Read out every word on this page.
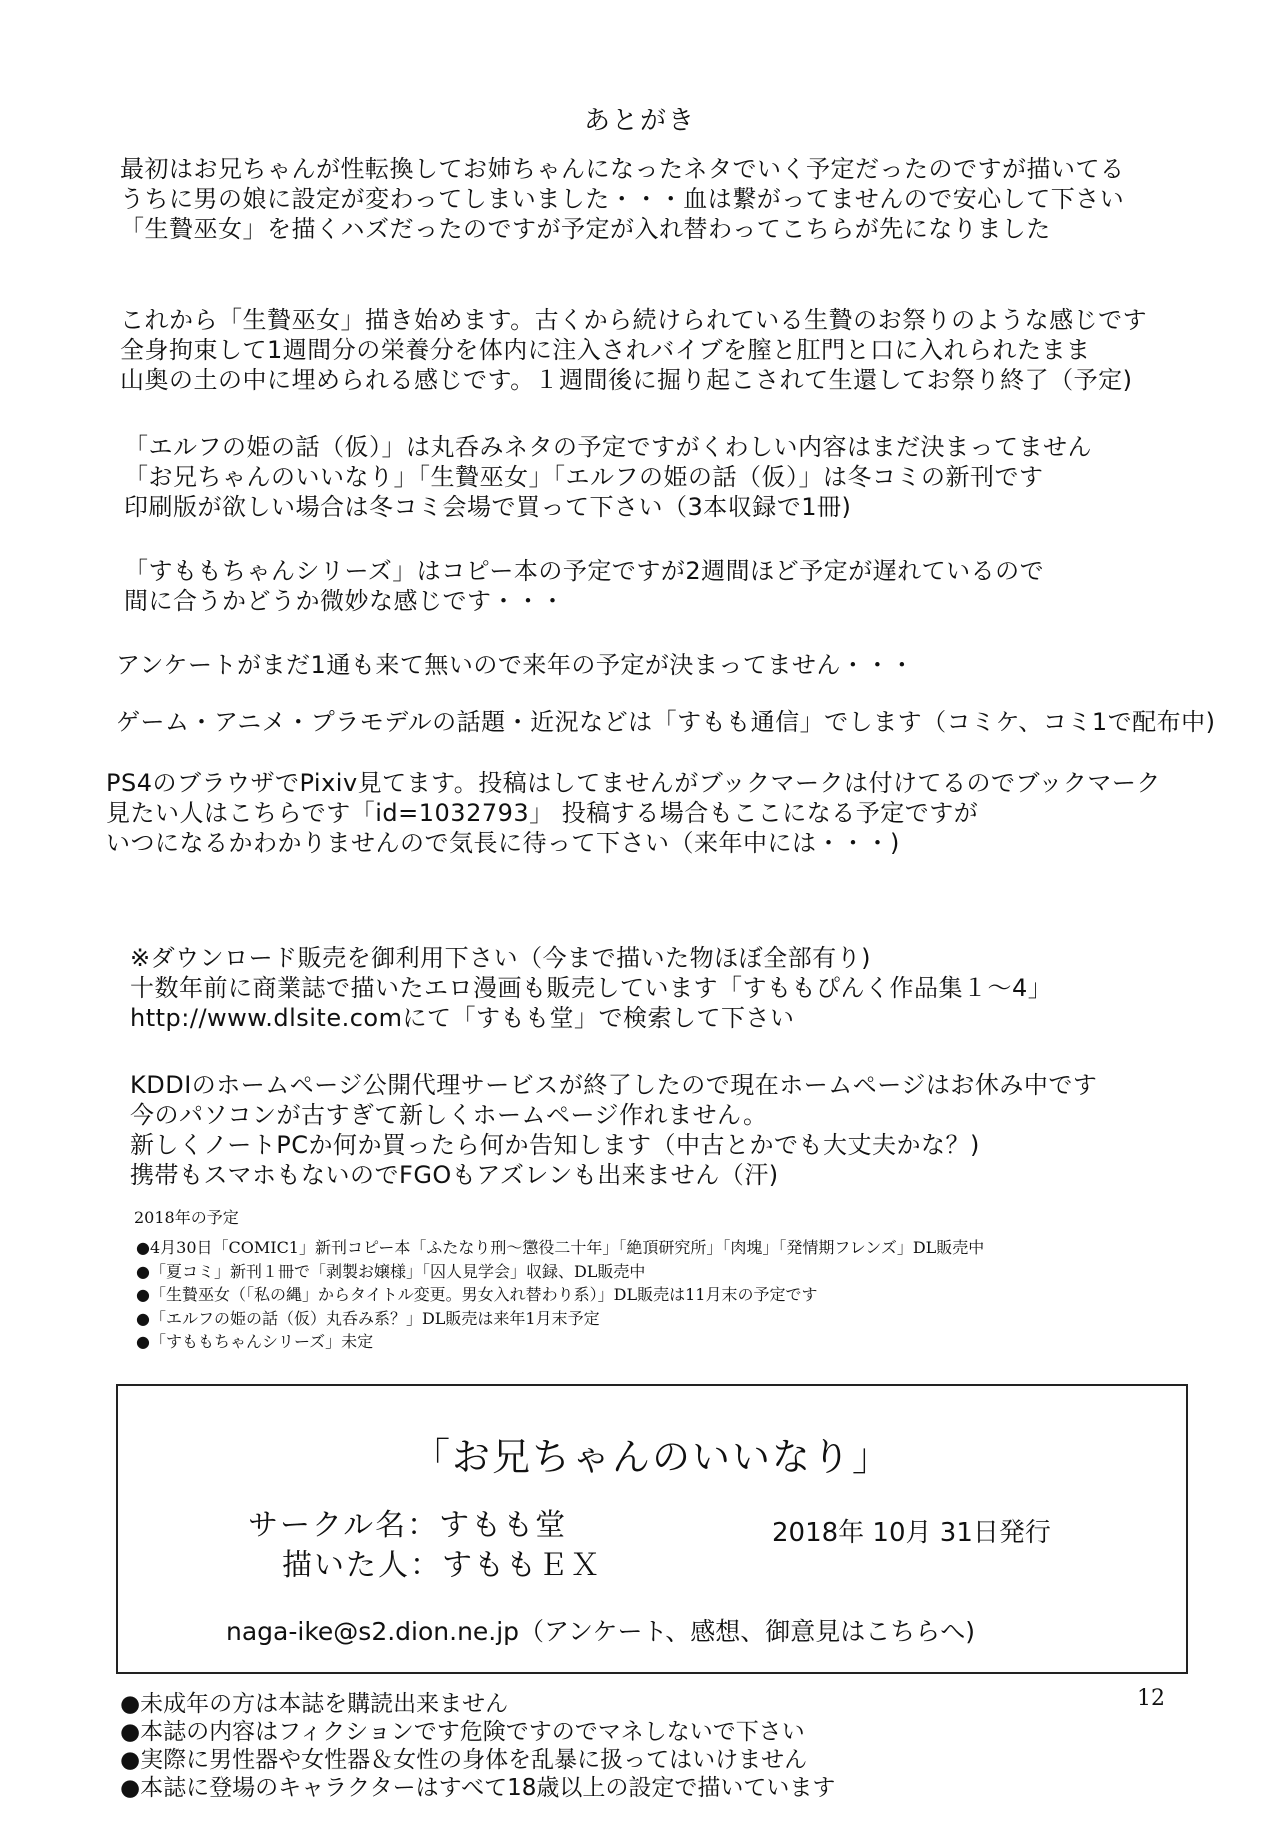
あとがき
最初はお兄ちゃんが性転換してお姉ちゃんになったネタでいく予定だったのですが描いてる
うちに男の娘に設定が変わってしまいました・・・血は繋がってませんので安心して下さい
「生贄巫女」を描くハズだったのですが予定が入れ替わってこちらが先になりました
これから「生贄巫女」描き始めます。古くから続けられている生贄のお祭りのような感じです
全身拘束して1週間分の栄養分を体内に注入されバイブを膣と肛門と口に入れられたまま
山奥の土の中に埋められる感じです。１週間後に掘り起こされて生還してお祭り終了（予定)
「エルフの姫の話（仮）」は丸呑みネタの予定ですがくわしい内容はまだ決まってません
「お兄ちゃんのいいなり」「生贄巫女」「エルフの姫の話（仮）」は冬コミの新刊です
印刷版が欲しい場合は冬コミ会場で買って下さい（3本収録で1冊)
「すももちゃんシリーズ」はコピー本の予定ですが2週間ほど予定が遅れているので
間に合うかどうか微妙な感じです・・・
アンケートがまだ1通も来て無いので来年の予定が決まってません・・・
ゲーム・アニメ・プラモデルの話題・近況などは「すもも通信」でします（コミケ、コミ1で配布中)
PS4のブラウザでPixiv見てます。投稿はしてませんがブックマークは付けてるのでブックマーク
見たい人はこちらです「id=1032793」 投稿する場合もここになる予定ですが
いつになるかわかりませんので気長に待って下さい（来年中には・・・)
※ダウンロード販売を御利用下さい（今まで描いた物ほぼ全部有り)
十数年前に商業誌で描いたエロ漫画も販売しています「すももぴんく作品集１～4」
http://www.dlsite.comにて「すもも堂」で検索して下さい
KDDIのホームページ公開代理サービスが終了したので現在ホームページはお休み中です
今のパソコンが古すぎて新しくホームページ作れません。
新しくノートPCか何か買ったら何か告知します（中古とかでも大丈夫かな？)
携帯もスマホもないのでFGOもアズレンも出来ません（汗)
2018年の予定
●4月30日「COMIC1」新刊コピー本「ふたなり刑～懲役二十年」「絶頂研究所」「肉塊」「発情期フレンズ」DL販売中
●「夏コミ」新刊１冊で「剥製お嬢様」「囚人見学会」収録、DL販売中
●「生贄巫女（「私の縄」からタイトル変更。男女入れ替わり系）」DL販売は11月末の予定です
●「エルフの姫の話（仮）丸呑み系？」DL販売は来年1月末予定
●「すももちゃんシリーズ」未定
「お兄ちゃんのいいなり」
サークル名：すもも堂
描いた人：すももＥＸ
2018年 10月 31日発行
naga-ike@s2.dion.ne.jp（アンケート、感想、御意見はこちらへ)
12
●未成年の方は本誌を購読出来ません
●本誌の内容はフィクションです危険ですのでマネしないで下さい
●実際に男性器や女性器＆女性の身体を乱暴に扱ってはいけません
●本誌に登場のキャラクターはすべて18歳以上の設定で描いています
